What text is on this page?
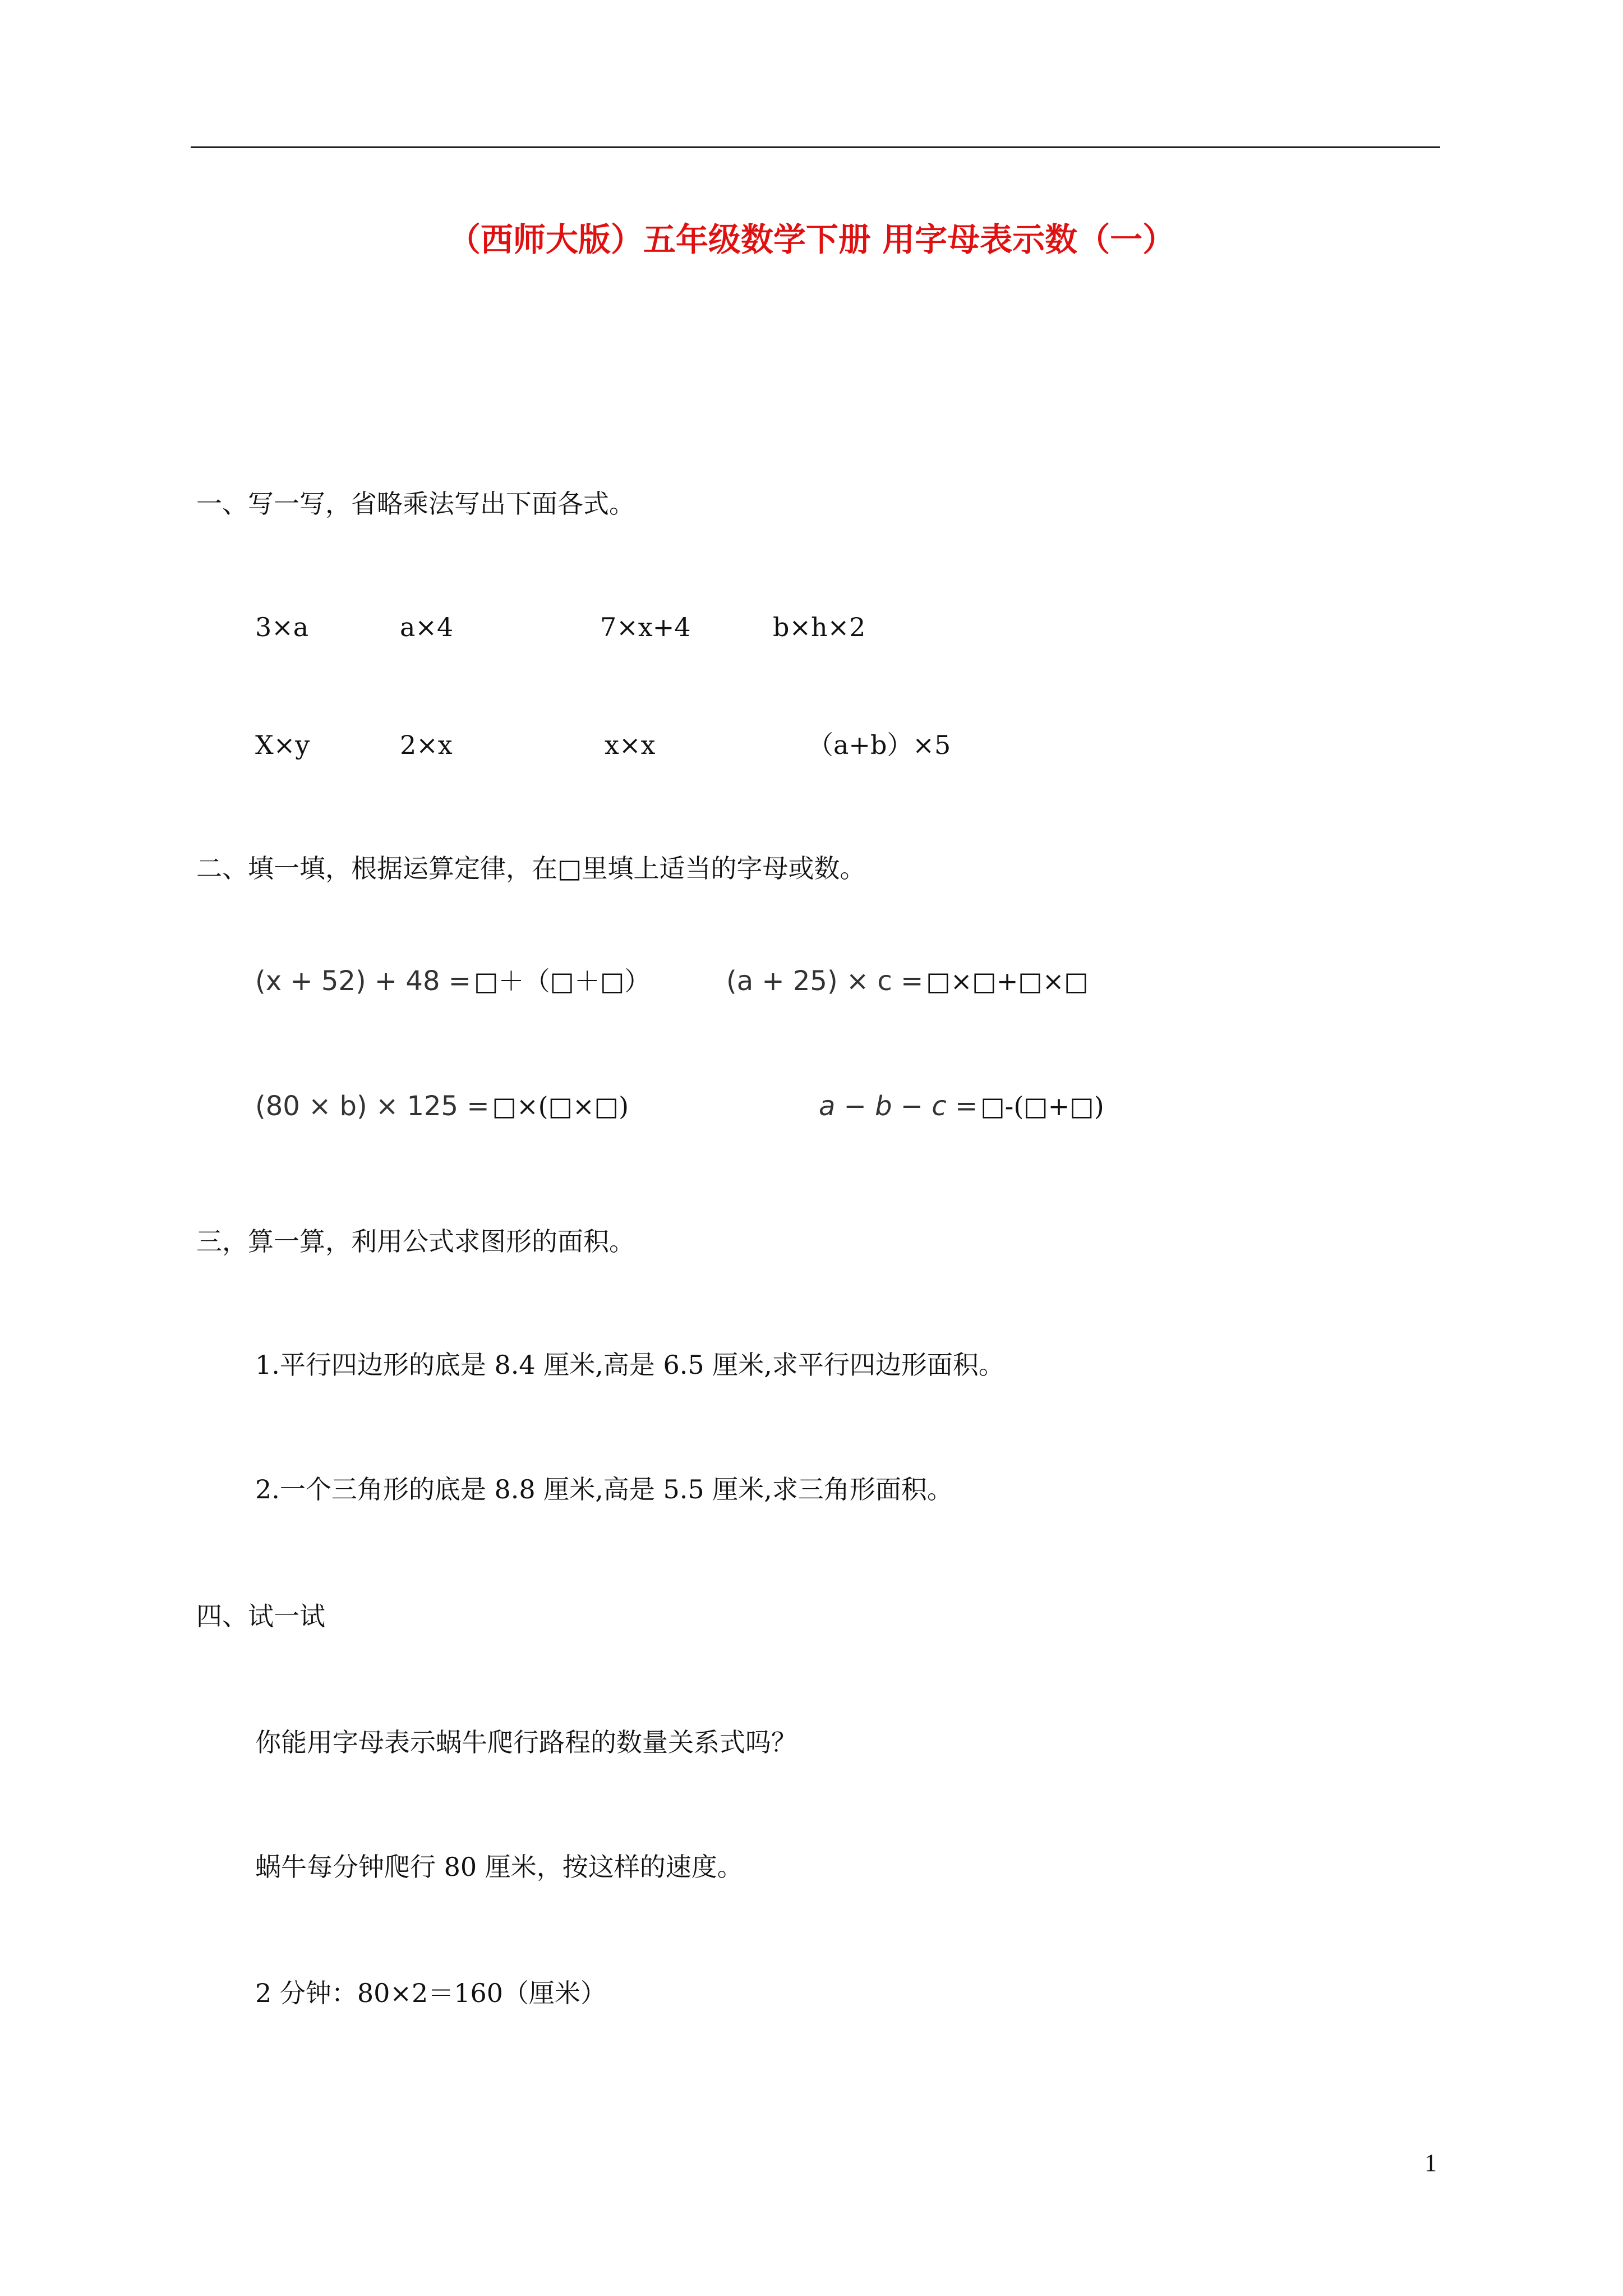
（西师大版）五年级数学下册 用字母表示数（一）
一、写一写，省略乘法写出下面各式。
3×a	a×4	7×x+4	b×h×2
X×y	2×x	x×x	（a+b）×5
二、填一填，根据运算定律，在□里填上适当的字母或数。
(x + 52) + 48 = □＋（□＋□）	(a + 25) × c = □×□+□×□
(80 × b) × 125 = □×(□×□)	a − b − c = □-(□+□)
三，算一算，利用公式求图形的面积。
1.平行四边形的底是 8.4 厘米,高是 6.5 厘米,求平行四边形面积。
2.一个三角形的底是 8.8 厘米,高是 5.5 厘米,求三角形面积。
四、试一试
你能用字母表示蜗牛爬行路程的数量关系式吗？
蜗牛每分钟爬行 80 厘米，按这样的速度。
2 分钟：80×2＝160（厘米）
1
